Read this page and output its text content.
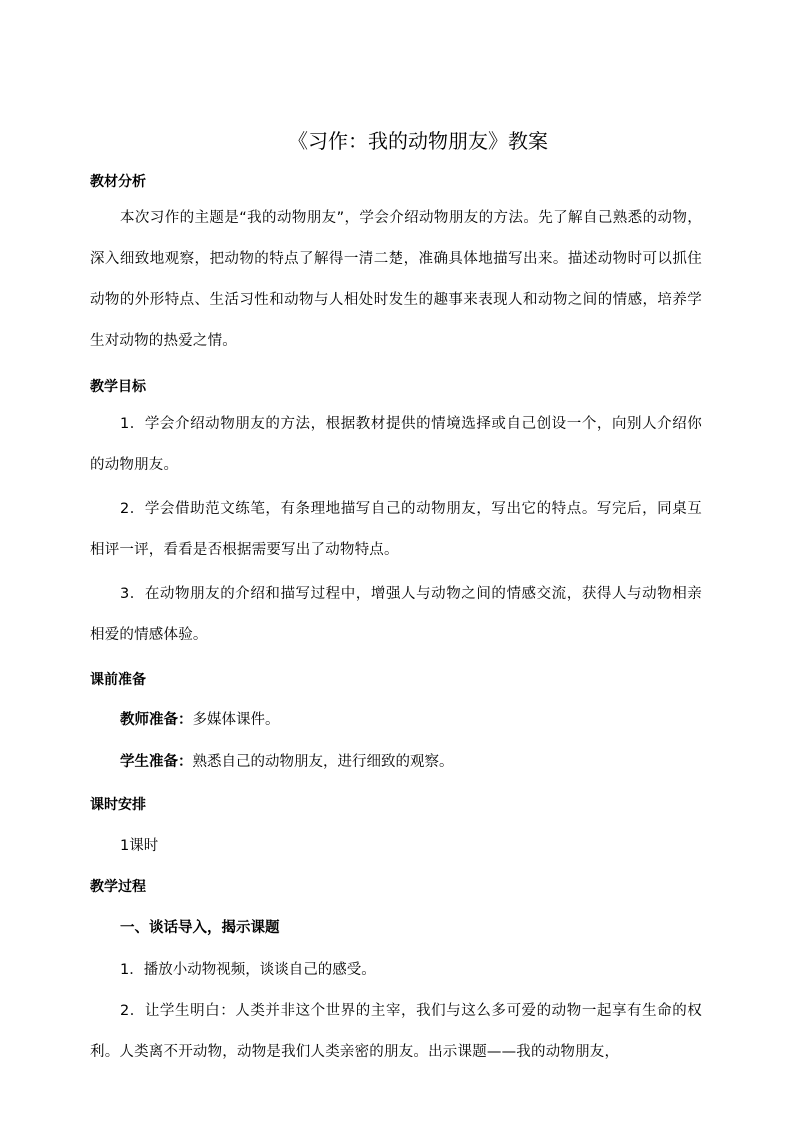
《习作：我的动物朋友》教案
教材分析

本次习作的主题是“我的动物朋友”，学会介绍动物朋友的方法。先了解自己熟悉的动物，深入细致地观察，把动物的特点了解得一清二楚，准确具体地描写出来。描述动物时可以抓住动物的外形特点、生活习性和动物与人相处时发生的趣事来表现人和动物之间的情感，培养学生对动物的热爱之情。

教学目标

1．学会介绍动物朋友的方法，根据教材提供的情境选择或自己创设一个，向别人介绍你的动物朋友。

2．学会借助范文练笔，有条理地描写自己的动物朋友，写出它的特点。写完后，同桌互相评一评，看看是否根据需要写出了动物特点。

3．在动物朋友的介绍和描写过程中，增强人与动物之间的情感交流，获得人与动物相亲相爱的情感体验。

课前准备

教师准备：多媒体课件。

学生准备：熟悉自己的动物朋友，进行细致的观察。

课时安排

1课时

教学过程

一、谈话导入，揭示课题

1．播放小动物视频，谈谈自己的感受。

2．让学生明白：人类并非这个世界的主宰，我们与这么多可爱的动物一起享有生命的权利。人类离不开动物，动物是我们人类亲密的朋友。出示课题——我的动物朋友，
